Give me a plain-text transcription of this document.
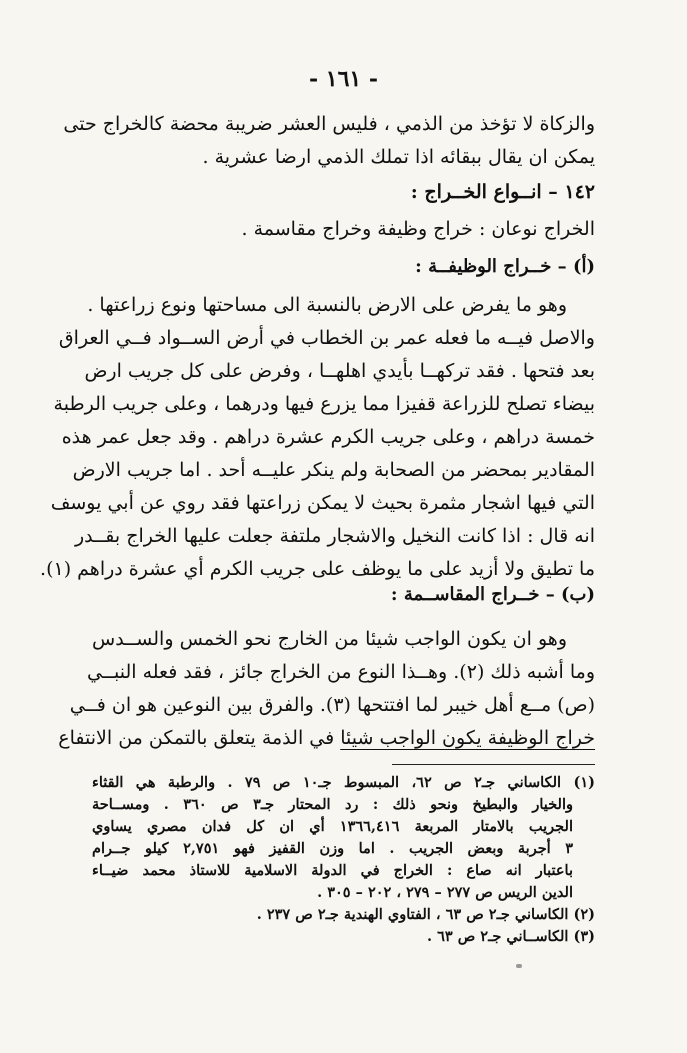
- ١٦١ -
والزكاة لا تؤخذ من الذمي ، فليس العشر ضريبة محضة كالخراج حتى
يمكن ان يقال ببقائه اذا تملك الذمي ارضا عشرية .
١٤٢ – انــواع الخــراج :
الخراج نوعان : خراج وظيفة وخراج مقاسمة .
(أ) – خــراج الوظيفــة :
وهو ما يفرض على الارض بالنسبة الى مساحتها ونوع زراعتها .
والاصل فيــه ما فعله عمر بن الخطاب في أرض الســواد فــي العراق
بعد فتحها . فقد تركهــا بأيدي اهلهــا ، وفرض على كل جريب ارض
بيضاء تصلح للزراعة قفيزا مما يزرع فيها ودرهما ، وعلى جريب الرطبة
خمسة دراهم ، وعلى جريب الكرم عشرة دراهم . وقد جعل عمر هذه
المقادير بمحضر من الصحابة ولم ينكر عليــه أحد . اما جريب الارض
التي فيها اشجار مثمرة بحيث لا يمكن زراعتها فقد روي عن أبي يوسف
انه قال : اذا كانت النخيل والاشجار ملتفة جعلت عليها الخراج بقــدر
ما تطيق ولا أزيد على ما يوظف على جريب الكرم أي عشرة دراهم (١).
(ب) – خــراج المقاســمة :
وهو ان يكون الواجب شيئا من الخارج نحو الخمس والســدس
وما أشبه ذلك (٢). وهــذا النوع من الخراج جائز ، فقد فعله النبــي
(ص) مــع أهل خيبر لما افتتحها (٣). والفرق بين النوعين هو ان فــي
خراج الوظيفة يكون الواجب شيئا في الذمة يتعلق بالتمكن من الانتفاع
(١) الكاساني جـ٢ ص ٦٢، المبسوط جـ١٠ ص ٧٩ . والرطبة هي القثاء
والخيار والبطيخ ونحو ذلك : رد المحتار جـ٣ ص ٣٦٠ . ومســاحة
الجريب بالامتار المربعة ١٣٦٦,٤١٦ أي ان كل فدان مصري يساوي
٣ أجربة وبعض الجريب . اما وزن القفيز فهو ٢,٧٥١ كيلو جــرام
باعتبار انه صاع : الخراج في الدولة الاسلامية للاستاذ محمد ضيــاء
الدين الريس ص ٢٧٧ – ٢٧٩ ، ٢٠٢ – ٣٠٥ .
(٢) الكاساني جـ٢ ص ٦٣ ، الفتاوي الهندية جـ٢ ص ٢٣٧ .
(٣) الكاســاني جـ٢ ص ٦٣ .
